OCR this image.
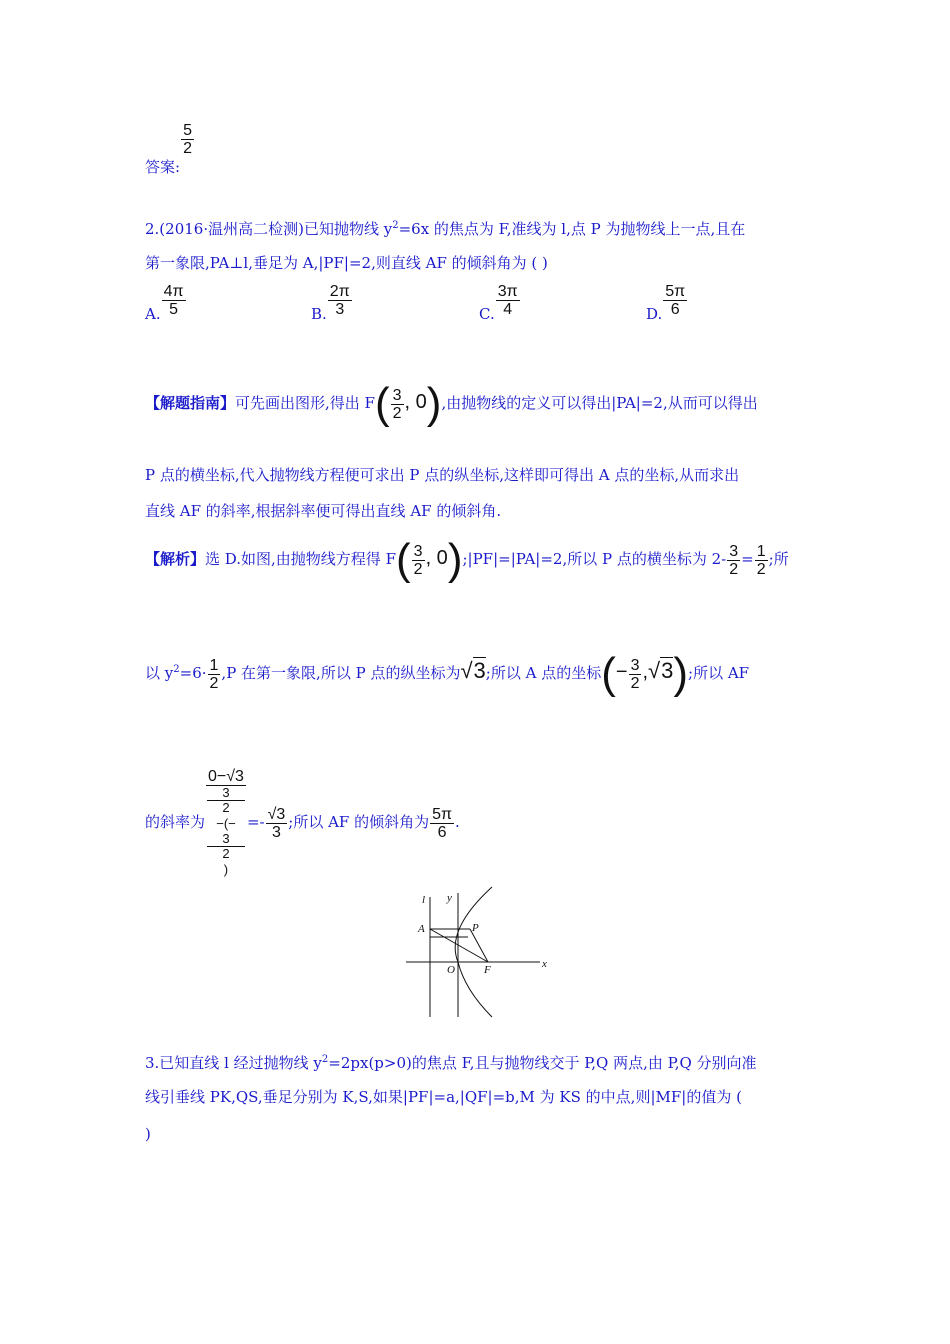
答案:
$\frac{5}{2}$
2.(2016·温州高二检测)已知抛物线 $y^2=6x$ 的焦点为 F,准线为 l,点 P 为抛物线上一点,且在
第一象限,PA⊥l,垂足为 A,|PF|=2,则直线 AF 的倾斜角为 ( )
A. $\frac{4\pi}{5}$	B. $\frac{2\pi}{3}$	C. $\frac{3\pi}{4}$	D. $\frac{5\pi}{6}$
【解题指南】可先画出图形,得出 $F( \frac{3}{2}$ , 0),由抛物线的定义可以得出|PA|=2,从而可以得出
P 点的横坐标,代入抛物线方程便可求出 P 点的纵坐标,这样即可得出 A 点的坐标,从而求出
直线 AF 的斜率,根据斜率便可得出直线 AF 的倾斜角.
【解析】选 D.如图,由抛物线方程得 $F( \frac{3}{2}$ , 0);|PF|=|PA|=2,所以 P 点的横坐标为 $2- \frac{3}{2} = \frac{1}{2}$ ;所
以 $y^2=6\cdot \frac{1}{2} ,P$ 在第一象限,所以 P 点的纵坐标为√3;所以 A 点的坐标(− $\frac{3}{2} ,√3$);所以 AF
的斜率为 0−√3
3
2
−(−
3
2
) =- $\frac{√3}{3}$ ;所以 AF 的倾斜角为 $\frac{5\pi}{6}$ .
l y
A	P
O	F	x
3.已知直线 l 经过抛物线 $y^2=2px(p>0)$的焦点 F,且与抛物线交于 P,Q 两点,由 P,Q 分别向准
线引垂线 PK,QS,垂足分别为 K,S,如果|PF|=a,|QF|=b,M 为 KS 的中点,则|MF|的值为 (
)
